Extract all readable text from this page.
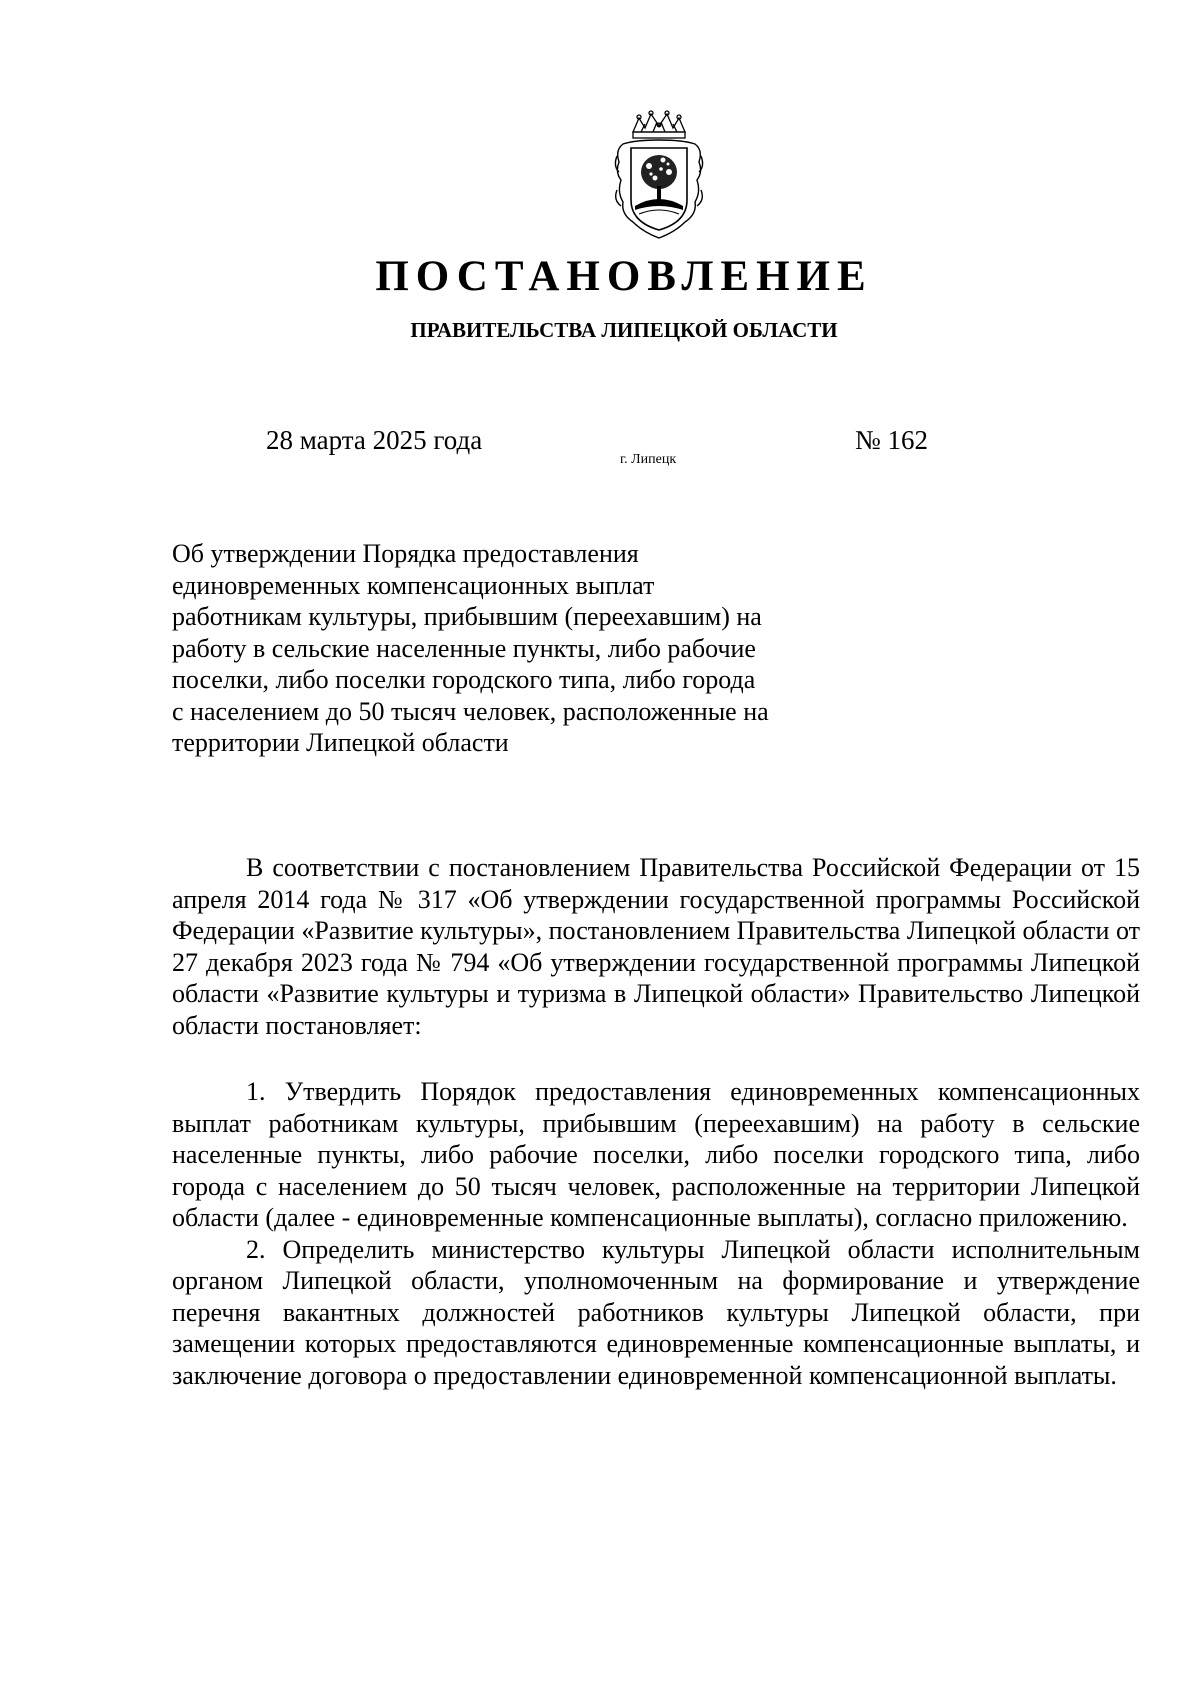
ПОСТАНОВЛЕНИЕ
ПРАВИТЕЛЬСТВА ЛИПЕЦКОЙ ОБЛАСТИ
28 марта 2025 года
г. Липецк
№ 162
Об утверждении Порядка предоставления
единовременных компенсационных выплат
работникам культуры, прибывшим (переехавшим) на
работу в сельские населенные пункты, либо рабочие
поселки, либо поселки городского типа, либо города
с населением до 50 тысяч человек, расположенные на
территории Липецкой области

В соответствии с постановлением Правительства Российской Федерации от 15 апреля 2014 года № 317 «Об утверждении государственной программы Российской Федерации «Развитие культуры», постановлением Правительства Липецкой области от 27 декабря 2023 года № 794 «Об утверждении государственной программы Липецкой области «Развитие культуры и туризма в Липецкой области» Правительство Липецкой области постановляет:

1. Утвердить Порядок предоставления единовременных компенсационных выплат работникам культуры, прибывшим (переехавшим) на работу в сельские населенные пункты, либо рабочие поселки, либо поселки городского типа, либо города с населением до 50 тысяч человек, расположенные на территории Липецкой области (далее - единовременные компенсационные выплаты), согласно приложению.

2. Определить министерство культуры Липецкой области исполнительным органом Липецкой области, уполномоченным на формирование и утверждение перечня вакантных должностей работников культуры Липецкой области, при замещении которых предоставляются единовременные компенсационные выплаты, и заключение договора о предоставлении единовременной компенсационной выплаты.
